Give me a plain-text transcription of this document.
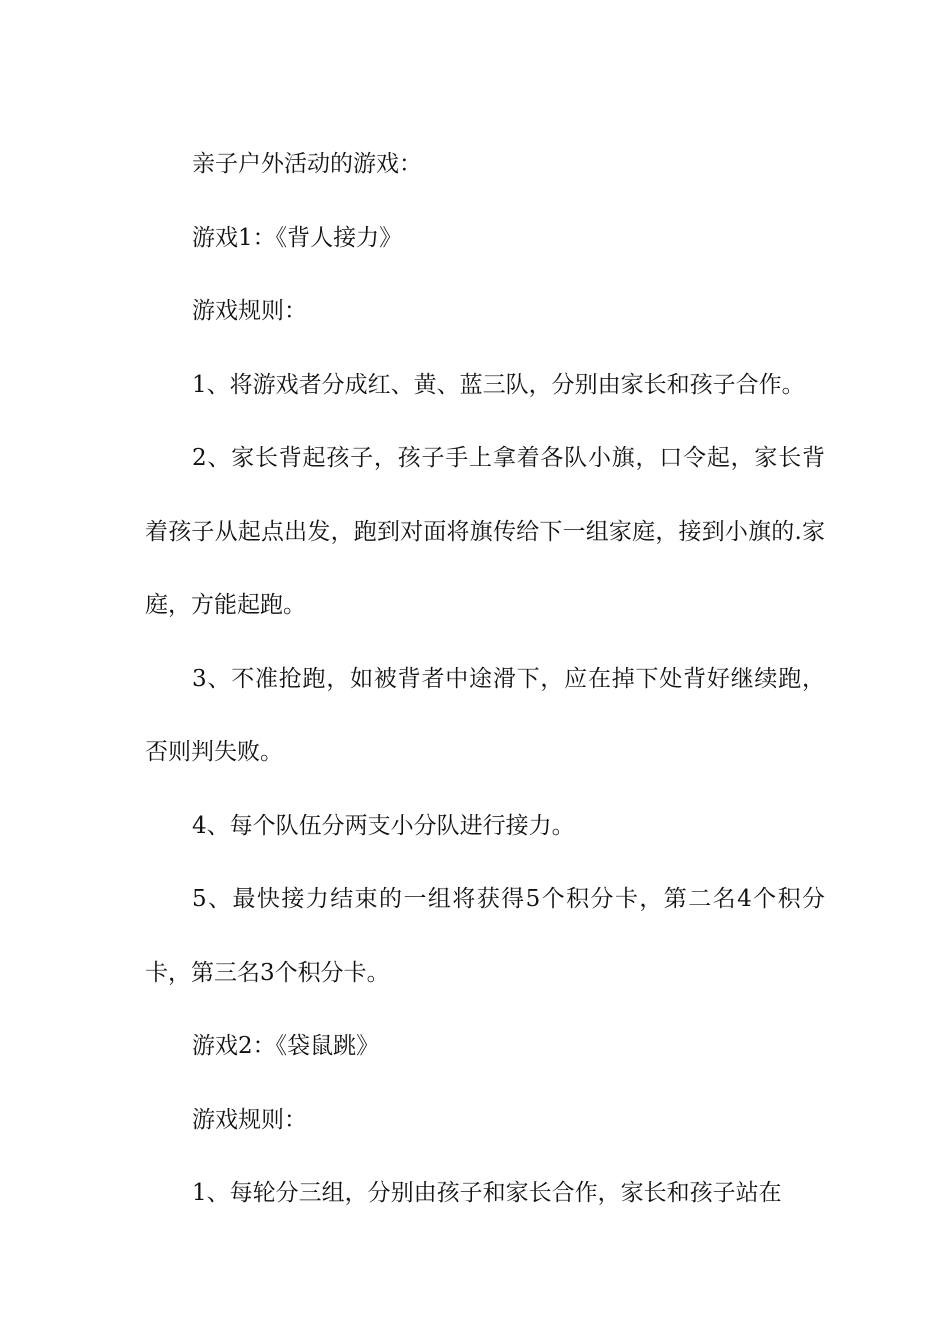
亲子户外活动的游戏：

游戏1：《背人接力》

游戏规则：

1、将游戏者分成红、黄、蓝三队，分别由家长和孩子合作。

2、家长背起孩子，孩子手上拿着各队小旗，口令起，家长背着孩子从起点出发，跑到对面将旗传给下一组家庭，接到小旗的.家庭，方能起跑。

3、不准抢跑，如被背者中途滑下，应在掉下处背好继续跑，否则判失败。

4、每个队伍分两支小分队进行接力。

5、最快接力结束的一组将获得5个积分卡，第二名4个积分卡，第三名3个积分卡。

游戏2：《袋鼠跳》

游戏规则：

1、每轮分三组，分别由孩子和家长合作，家长和孩子站在
